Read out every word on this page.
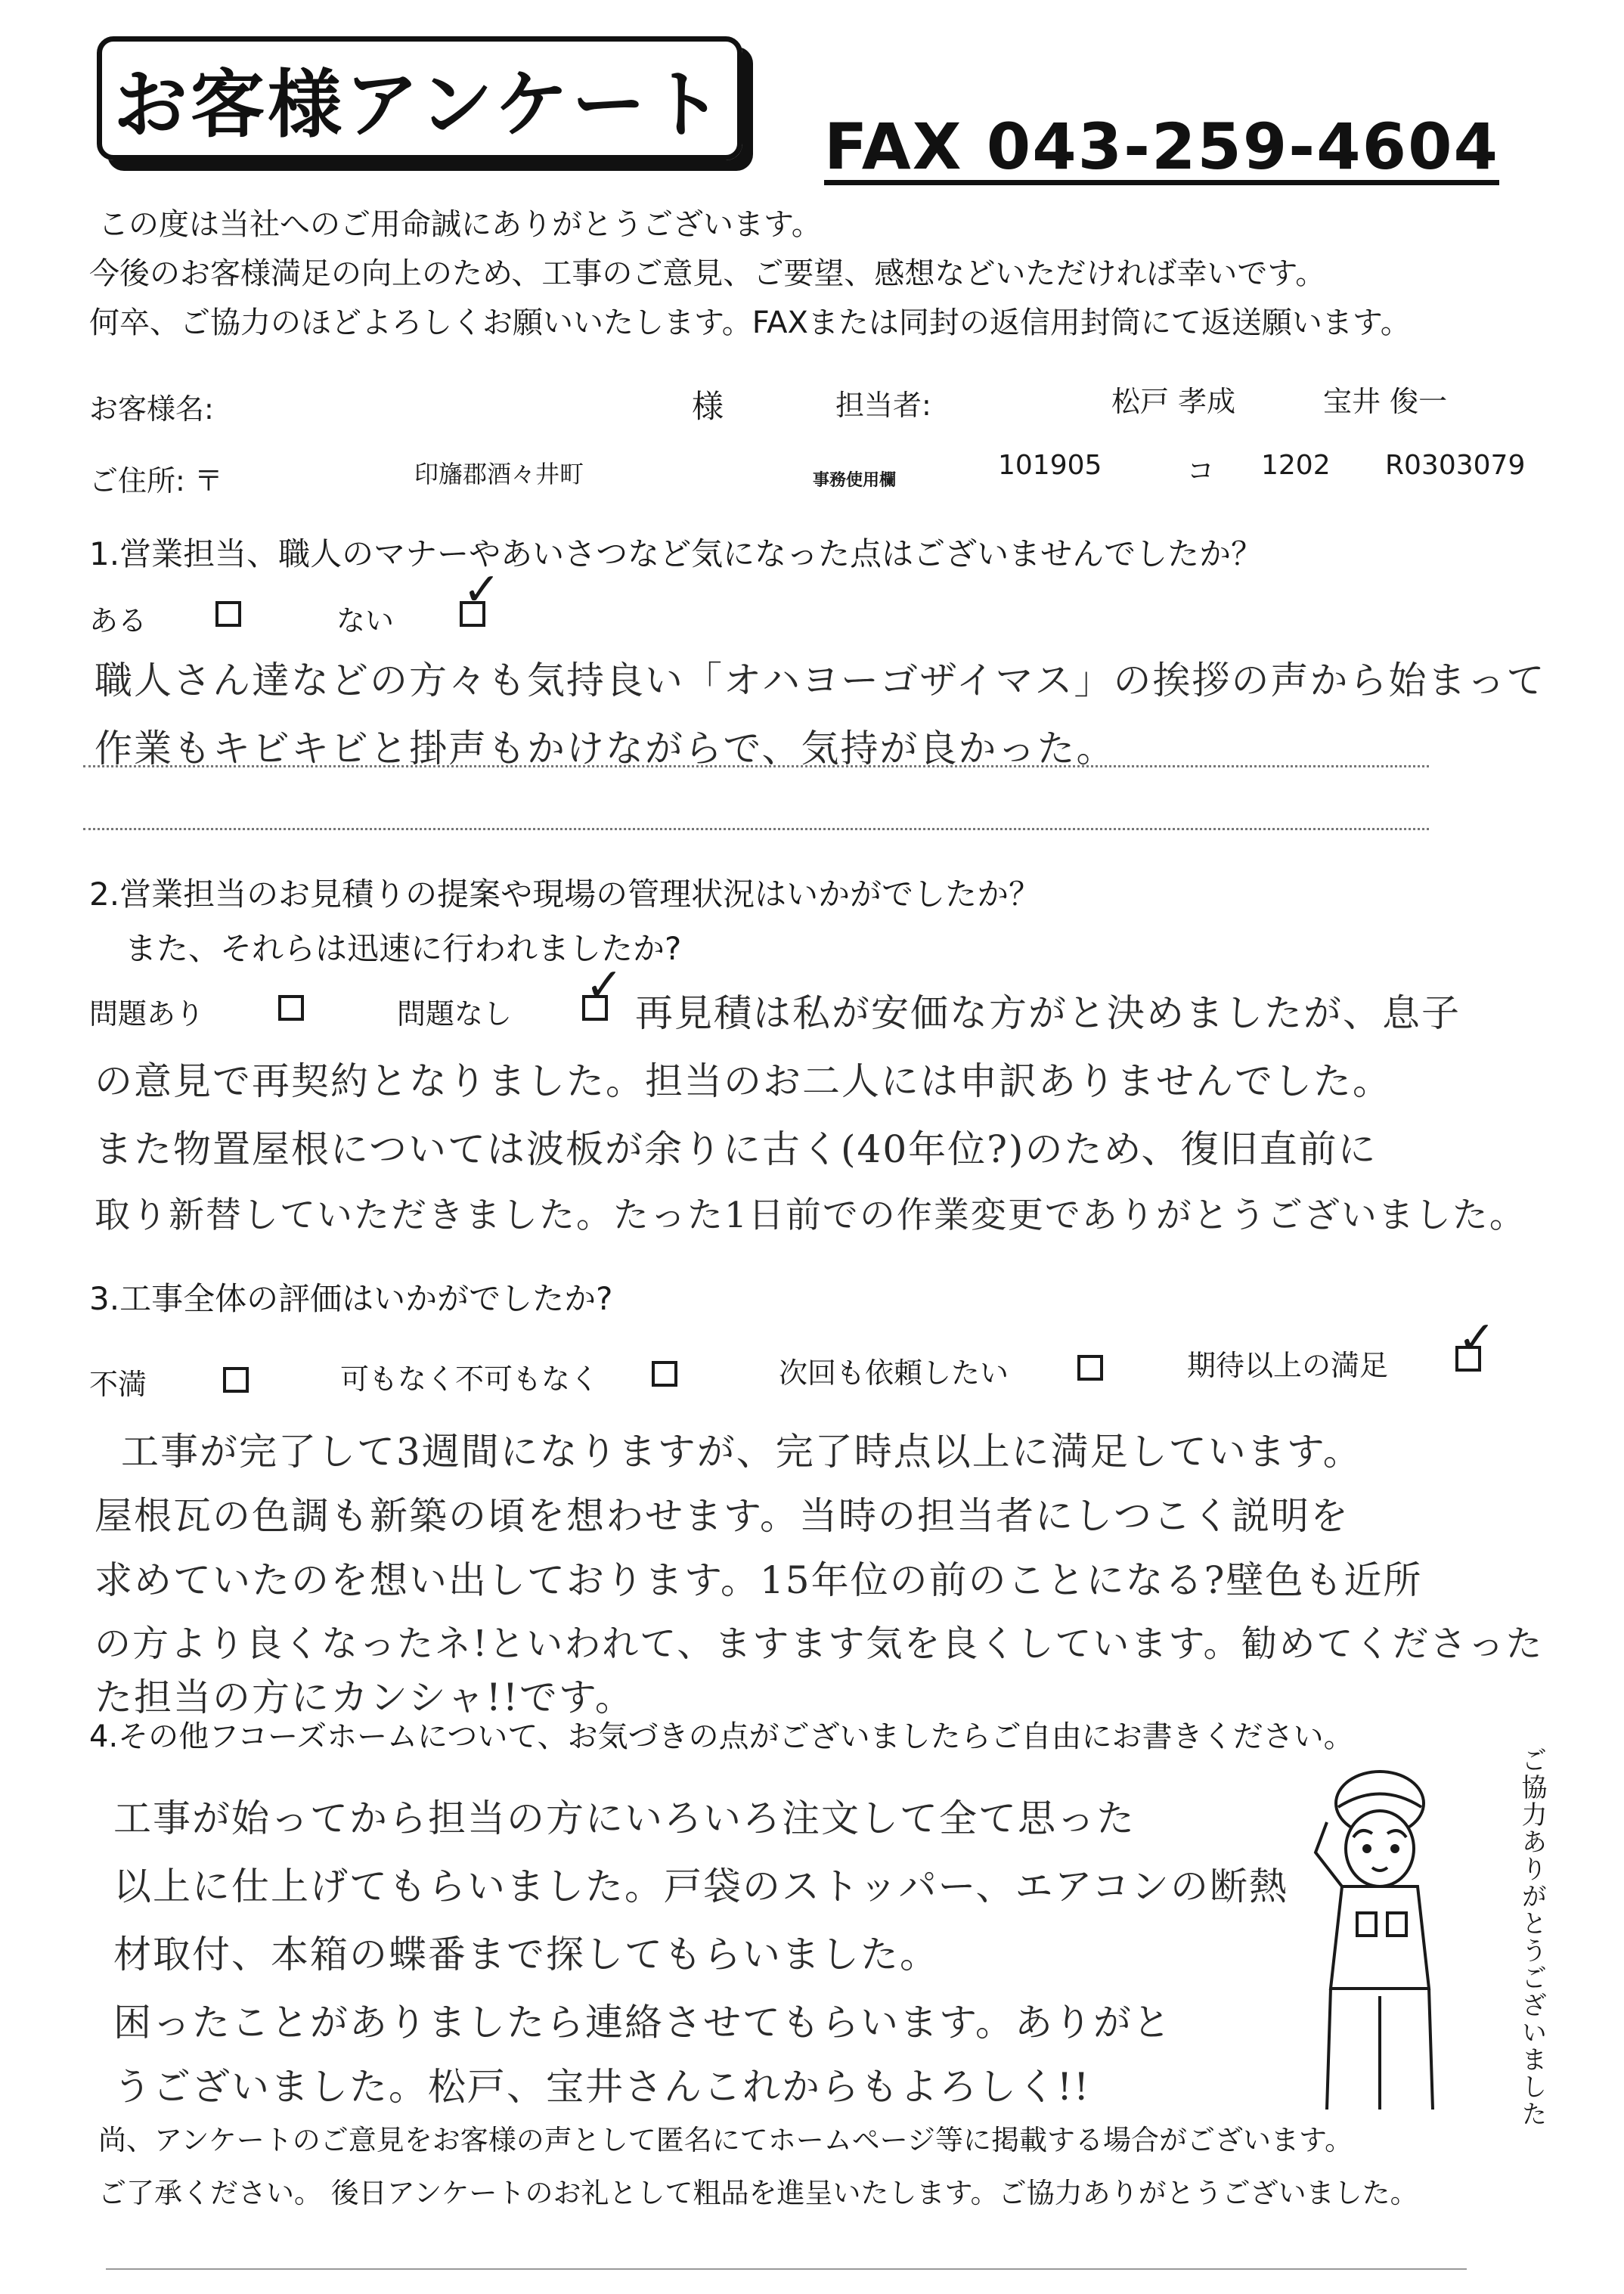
お客様アンケート FAX 043-259-4604
この度は当社へのご用命誠にありがとうございます。
今後のお客様満足の向上のため、工事のご意見、ご要望、感想などいただければ幸いです。
何卒、ご協力のほどよろしくお願いいたします。FAXまたは同封の返信用封筒にて返送願います。
お客様名:	様	担当者:	松戸 孝成	宝井 俊一
ご住所: 〒	印旛郡酒々井町	事務使用欄	101905	コ 1202 R0303079
1.営業担当、職人のマナーやあいさつなど気になった点はございませんでしたか？
ある	ない
✓
職人さん達などの方々も気持良い「オハヨーゴザイマス」の挨拶の声から始まって
作業もキビキビと掛声もかけながらで、気持が良かった。
2.営業担当のお見積りの提案や現場の管理状況はいかがでしたか？
また、それらは迅速に行われましたか?
問題あり	問題なし
✓
再見積は私が安価な方がと決めましたが、息子
の意見で再契約となりました。担当のお二人には申訳ありませんでした。
また物置屋根については波板が余りに古く(40年位?)のため、復旧直前に
取り新替していただきました。たった1日前での作業変更でありがとうございました。
3.工事全体の評価はいかがでしたか?
不満	可もなく不可もなく	次回も依頼したい	期待以上の満足
✓
工事が完了して3週間になりますが、完了時点以上に満足しています。
屋根瓦の色調も新築の頃を想わせます。当時の担当者にしつこく説明を
求めていたのを想い出しております。15年位の前のことになる?壁色も近所
の方より良くなったネ!といわれて、ますます気を良くしています。勧めてくださった
た担当の方にカンシャ!!です。
4.その他フコーズホームについて、お気づきの点がございましたらご自由にお書きください。
工事が始ってから担当の方にいろいろ注文して全て思った
以上に仕上げてもらいました。戸袋のストッパー、エアコンの断熱
材取付、本箱の蝶番まで探してもらいました。
困ったことがありましたら連絡させてもらいます。ありがと
うございました。松戸、宝井さんこれからもよろしく!!	ご協力ありがとうございました
尚、アンケートのご意見をお客様の声として匿名にてホームページ等に掲載する場合がございます。
ご了承ください。 後日アンケートのお礼として粗品を進呈いたします。ご協力ありがとうございました。
